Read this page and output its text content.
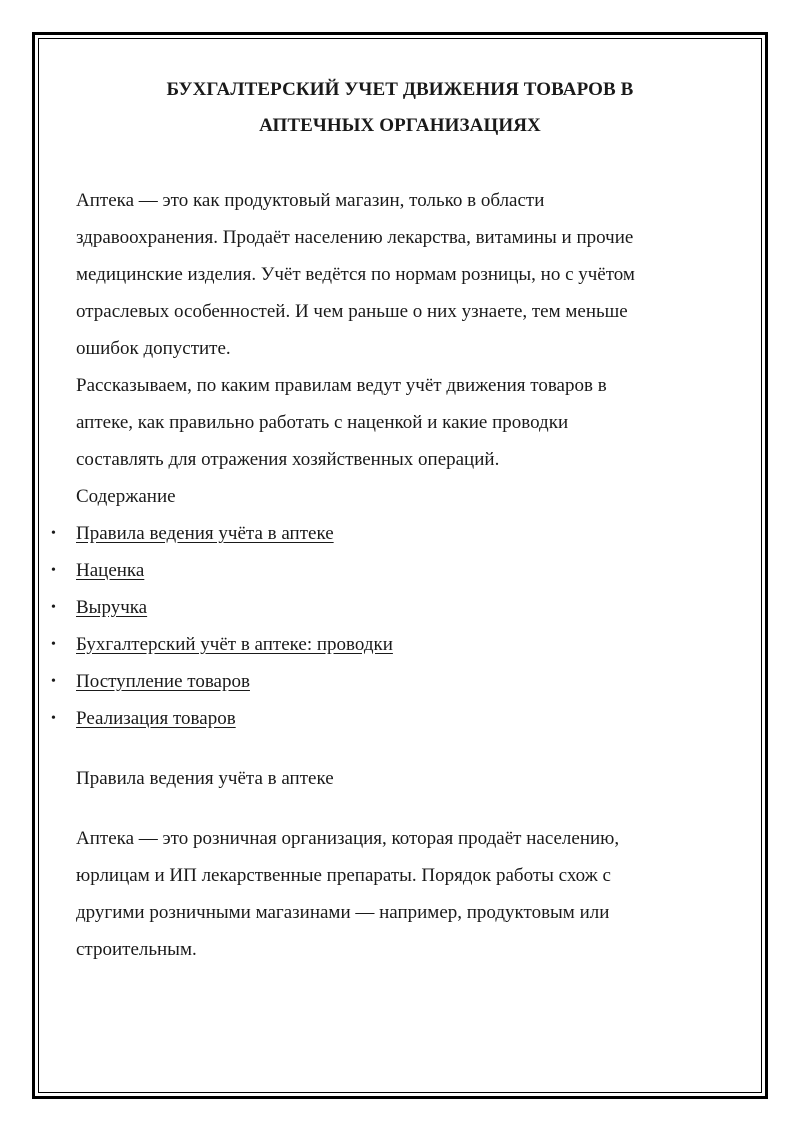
БУХГАЛТЕРСКИЙ УЧЕТ ДВИЖЕНИЯ ТОВАРОВ В
АПТЕЧНЫХ ОРГАНИЗАЦИЯХ

Аптека — это как продуктовый магазин, только в области
здравоохранения. Продаёт населению лекарства, витамины и прочие
медицинские изделия. Учёт ведётся по нормам розницы, но с учётом
отраслевых особенностей. И чем раньше о них узнаете, тем меньше
ошибок допустите.

Рассказываем, по каким правилам ведут учёт движения товаров в
аптеке, как правильно работать с наценкой и какие проводки
составлять для отражения хозяйственных операций.

Содержание

• Правила ведения учёта в аптеке
• Наценка
• Выручка
• Бухгалтерский учёт в аптеке: проводки
• Поступление товаров
• Реализация товаров

Правила ведения учёта в аптеке

Аптека — это розничная организация, которая продаёт населению,
юрлицам и ИП лекарственные препараты. Порядок работы схож с
другими розничными магазинами — например, продуктовым или
строительным.
